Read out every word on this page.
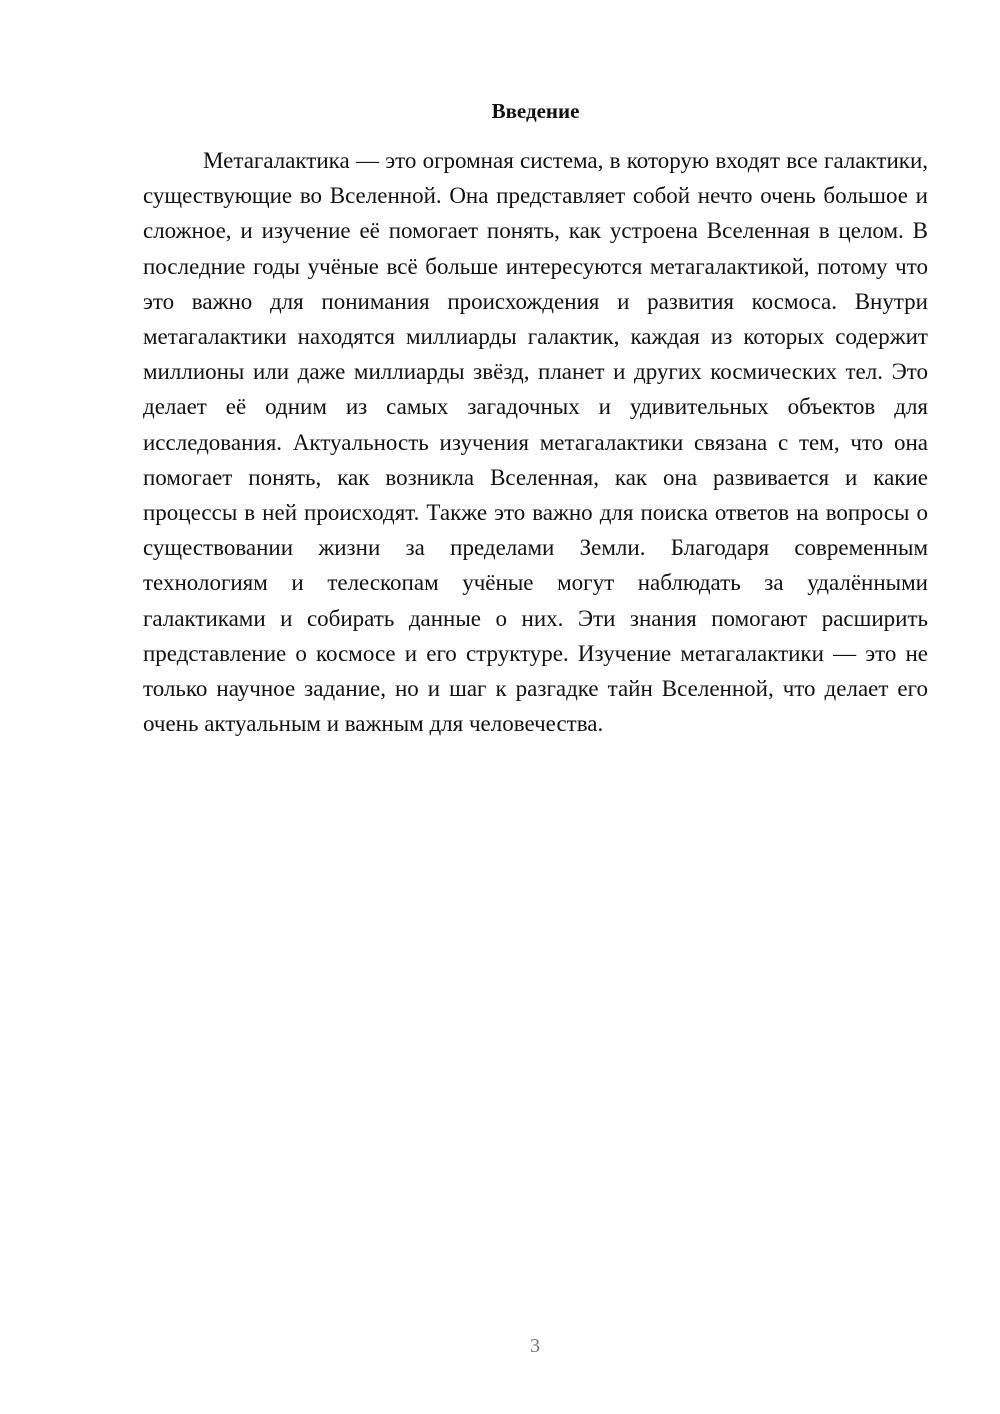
Введение

Метагалактика — это огромная система, в которую входят все галактики, существующие во Вселенной. Она представляет собой нечто очень большое и сложное, и изучение её помогает понять, как устроена Вселенная в целом. В последние годы учёные всё больше интересуются метагалактикой, потому что это важно для понимания происхождения и развития космоса. Внутри метагалактики находятся миллиарды галактик, каждая из которых содержит миллионы или даже миллиарды звёзд, планет и других космических тел. Это делает её одним из самых загадочных и удивительных объектов для исследования. Актуальность изучения метагалактики связана с тем, что она помогает понять, как возникла Вселенная, как она развивается и какие процессы в ней происходят. Также это важно для поиска ответов на вопросы о существовании жизни за пределами Земли. Благодаря современным технологиям и телескопам учёные могут наблюдать за удалёнными галактиками и собирать данные о них. Эти знания помогают расширить представление о космосе и его структуре. Изучение метагалактики — это не только научное задание, но и шаг к разгадке тайн Вселенной, что делает его очень актуальным и важным для человечества.

3
